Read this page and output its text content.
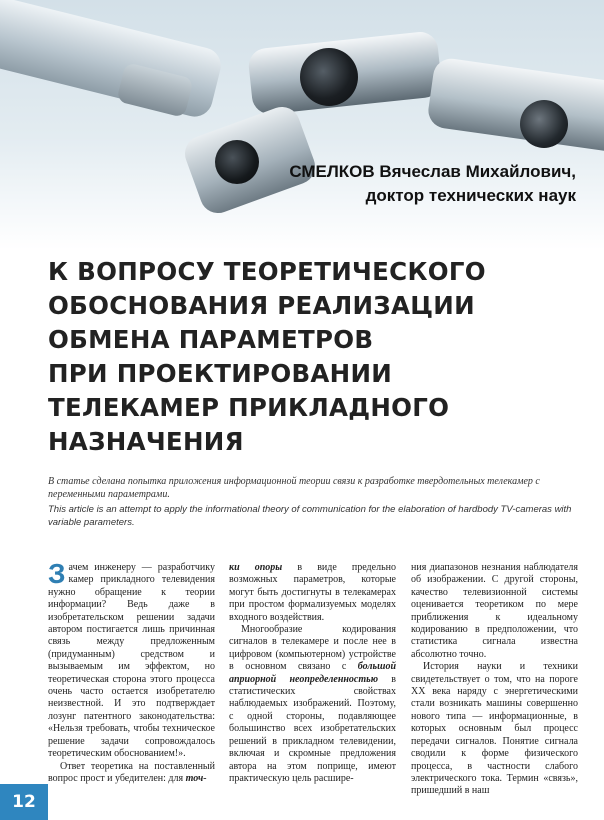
СМЕЛКОВ Вячеслав Михайлович,
доктор технических наук
К ВОПРОСУ ТЕОРЕТИЧЕСКОГО
ОБОСНОВАНИЯ РЕАЛИЗАЦИИ
ОБМЕНА ПАРАМЕТРОВ
ПРИ ПРОЕКТИРОВАНИИ
ТЕЛЕКАМЕР ПРИКЛАДНОГО
НАЗНАЧЕНИЯ
В статье сделана попытка приложения информационной теории связи к разработке твердотельных телекамер с переменными параметрами.
This article is an attempt to apply the informational theory of communication for the elaboration of hardbody TV-cameras with variable parameters.

Зачем инженеру — разработчику камер прикладного телевидения нужно обращение к теории информации? Ведь даже в изобретательском решении задачи автором постигается лишь причинная связь между предложенным (придуманным) средством и вызываемым им эффектом, но теоретическая сторона этого процесса очень часто остается изобретателю неизвестной. И это подтверждает лозунг патентного законодательства: «Нельзя требовать, чтобы техническое решение задачи сопровождалось теоретическим обоснованием!».

Ответ теоретика на поставленный вопрос прост и убедителен: для точ-

ки опоры в виде предельно возможных параметров, которые могут быть достигнуты в телекамерах при простом формализуемых моделях входного воздействия.

Многообразие кодирования сигналов в телекамере и после нее в цифровом (компьютерном) устройстве в основном связано с большой априорной неопределенностью в статистических свойствах наблюдаемых изображений. Поэтому, с одной стороны, подавляющее большинство всех изобретательских решений в прикладном телевидении, включая и скромные предложения автора на этом поприще, имеют практическую цель расшире-

ния диапазонов незнания наблюдателя об изображении. С другой стороны, качество телевизионной системы оценивается теоретиком по мере приближения к идеальному кодированию в предположении, что статистика сигнала известна абсолютно точно.

История науки и техники свидетельствует о том, что на пороге XX века наряду с энергетическими стали возникать машины совершенно нового типа — информационные, в которых основным был процесс передачи сигналов. Понятие сигнала сводили к форме физического процесса, в частности слабого электрического тока. Термин «связь», пришедший в наш

12
